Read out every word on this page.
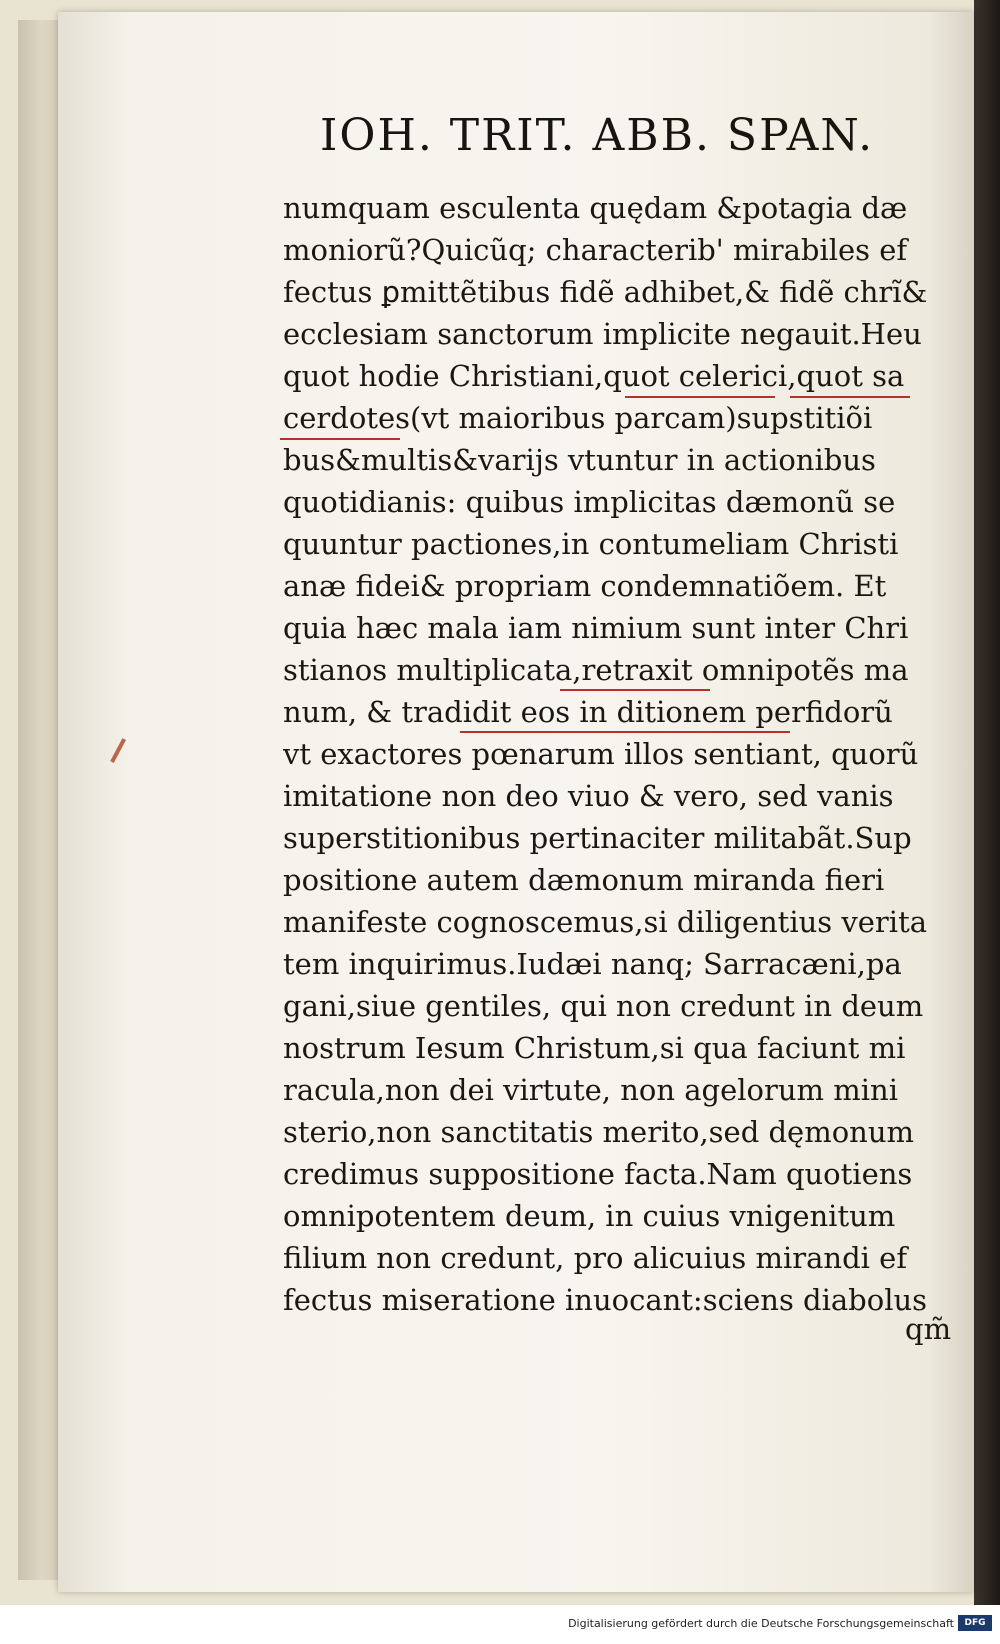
IOH. TRIT. ABB. SPAN.
numquam esculenta quędam &potagia dæ
moniorũ?Quicũq; characterib' mirabiles ef
fectus ꝑmittẽtibus fidẽ adhibet,& fidẽ chrĩ&
ecclesiam sanctorum implicite negauit.Heu
quot hodie Christiani,quot celerici,quot sa
cerdotes(vt maioribus parcam)supstitiõi
bus&multis&varijs vtuntur in actionibus
quotidianis: quibus implicitas dæmonũ se
quuntur pactiones,in contumeliam Christi
anæ fidei& propriam condemnatiõem. Et
quia hæc mala iam nimium sunt inter Chri
stianos multiplicata,retraxit omnipotẽs ma
num, & tradidit eos in ditionem perfidorũ
vt exactores pœnarum illos sentiant, quorũ
imitatione non deo viuo & vero, sed vanis
superstitionibus pertinaciter militabãt.Sup
positione autem dæmonum miranda fieri
manifeste cognoscemus,si diligentius verita
tem inquirimus.Iudæi nanq; Sarracæni,pa
gani,siue gentiles, qui non credunt in deum
nostrum Iesum Christum,si qua faciunt mi
racula,non dei virtute, non agelorum mini
sterio,non sanctitatis merito,sed dęmonum
credimus suppositione facta.Nam quotiens
omnipotentem deum, in cuius vnigenitum
filium non credunt, pro alicuius mirandi ef
fectus miseratione inuocant:sciens diabolus
qm̃
Digitalisierung gefördert durch die Deutsche Forschungsgemeinschaft	DFG
